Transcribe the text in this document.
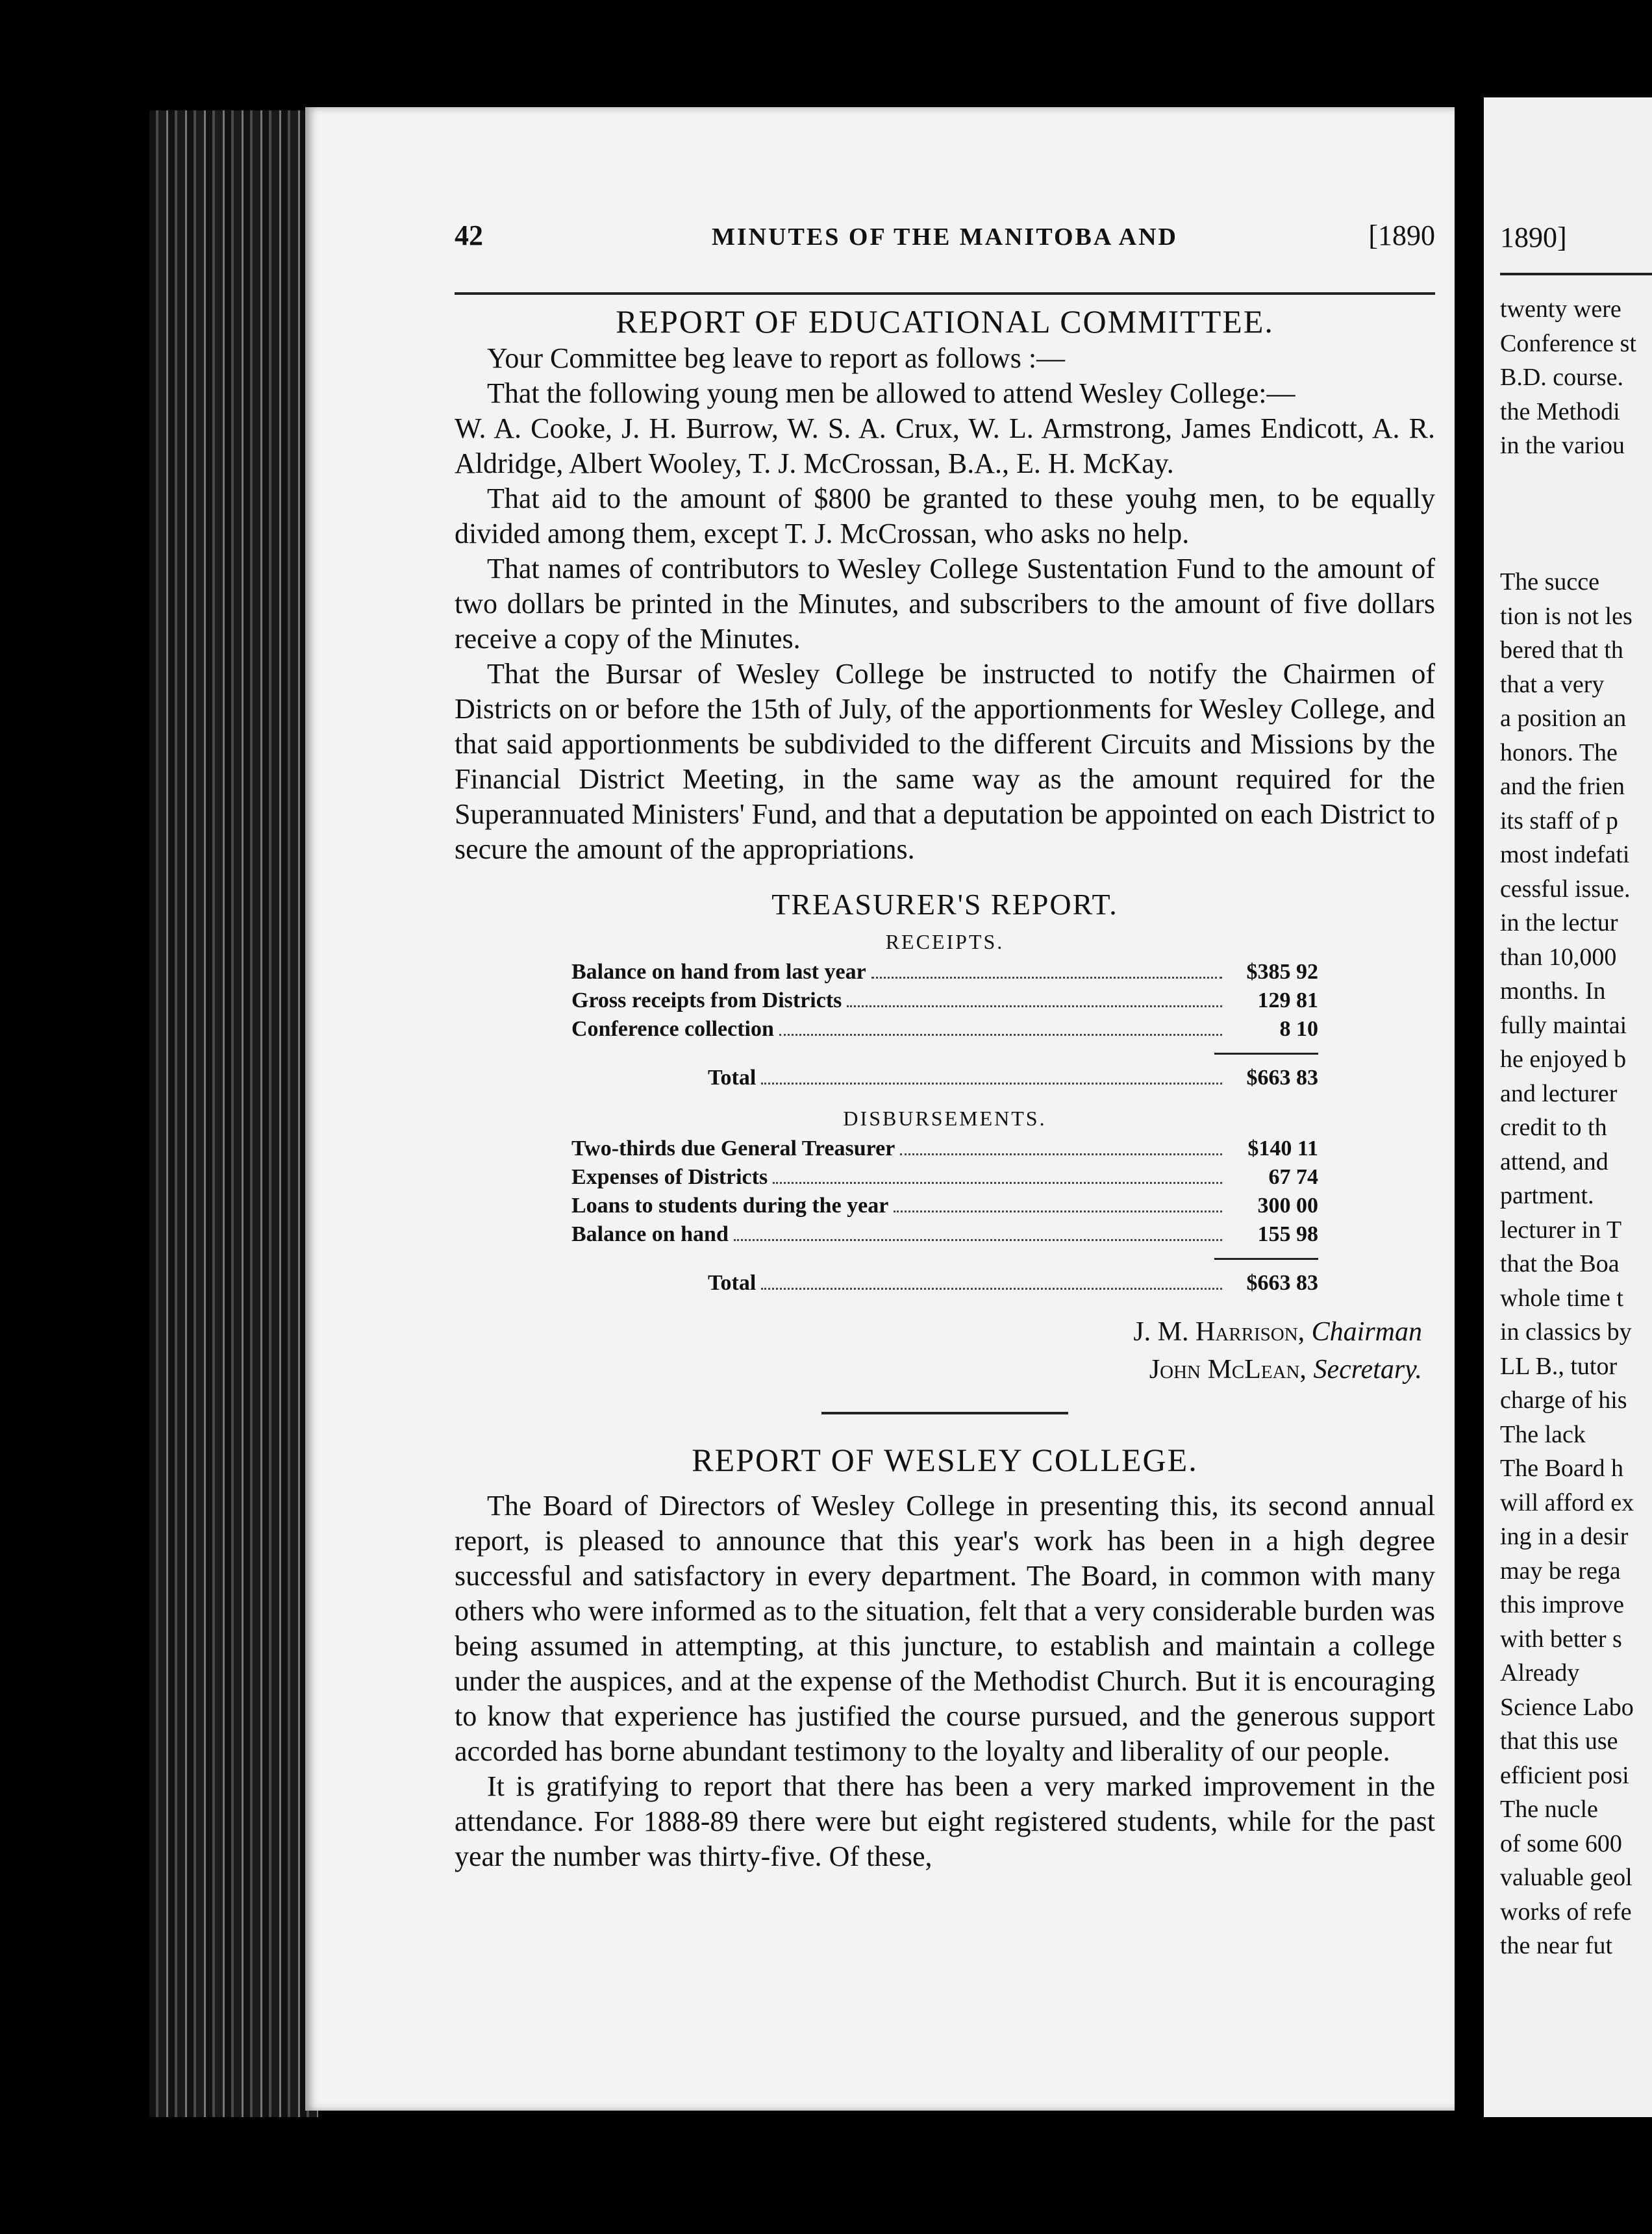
42	MINUTES OF THE MANITOBA AND	[1890
REPORT OF EDUCATIONAL COMMITTEE.

Your Committee beg leave to report as follows :—

That the following young men be allowed to attend Wesley College:—

W. A. Cooke, J. H. Burrow, W. S. A. Crux, W. L. Armstrong, James Endicott, A. R. Aldridge, Albert Wooley, T. J. McCrossan, B.A., E. H. McKay.

That aid to the amount of $800 be granted to these youhg men, to be equally divided among them, except T. J. McCrossan, who asks no help.

That names of contributors to Wesley College Sustentation Fund to the amount of two dollars be printed in the Minutes, and subscribers to the amount of five dollars receive a copy of the Minutes.

That the Bursar of Wesley College be instructed to notify the Chairmen of Districts on or before the 15th of July, of the apportionments for Wesley College, and that said apportionments be subdivided to the different Circuits and Missions by the Financial District Meeting, in the same way as the amount required for the Superannuated Ministers' Fund, and that a deputation be appointed on each District to secure the amount of the appropriations.

TREASURER'S REPORT.
RECEIPTS.
Balance on hand from last year	$385 92
Gross receipts from Districts	129 81
Conference collection	8 10
Total	$663 83
DISBURSEMENTS.
Two-thirds due General Treasurer	$140 11
Expenses of Districts	67 74
Loans to students during the year	300 00
Balance on hand	155 98
Total	$663 83
J. M. Harrison, Chairman
John McLean, Secretary.
REPORT OF WESLEY COLLEGE.

The Board of Directors of Wesley College in presenting this, its second annual report, is pleased to announce that this year's work has been in a high degree successful and satisfactory in every department. The Board, in common with many others who were informed as to the situation, felt that a very considerable burden was being assumed in attempting, at this juncture, to establish and maintain a college under the auspices, and at the expense of the Methodist Church. But it is encouraging to know that experience has justified the course pursued, and the generous support accorded has borne abundant testimony to the loyalty and liberality of our people.

It is gratifying to report that there has been a very marked improvement in the attendance. For 1888-89 there were but eight registered students, while for the past year the number was thirty-five. Of these,

1890]
twenty were
Conference st
B.D. course.
the Methodi
in the variou

The succe
tion is not les
bered that th
that a very
a position an
honors. The
and the frien
its staff of p
most indefati
cessful issue.
in the lectur
than 10,000
months. In
fully maintai
he enjoyed b
and lecturer
credit to th
attend, and
partment.
lecturer in T
that the Boa
whole time t
in classics by
LL B., tutor
charge of his
The lack
The Board h
will afford ex
ing in a desir
may be rega
this improve
with better s
Already
Science Labo
that this use
efficient posi
The nucle
of some 600
valuable geol
works of refe
the near fut
